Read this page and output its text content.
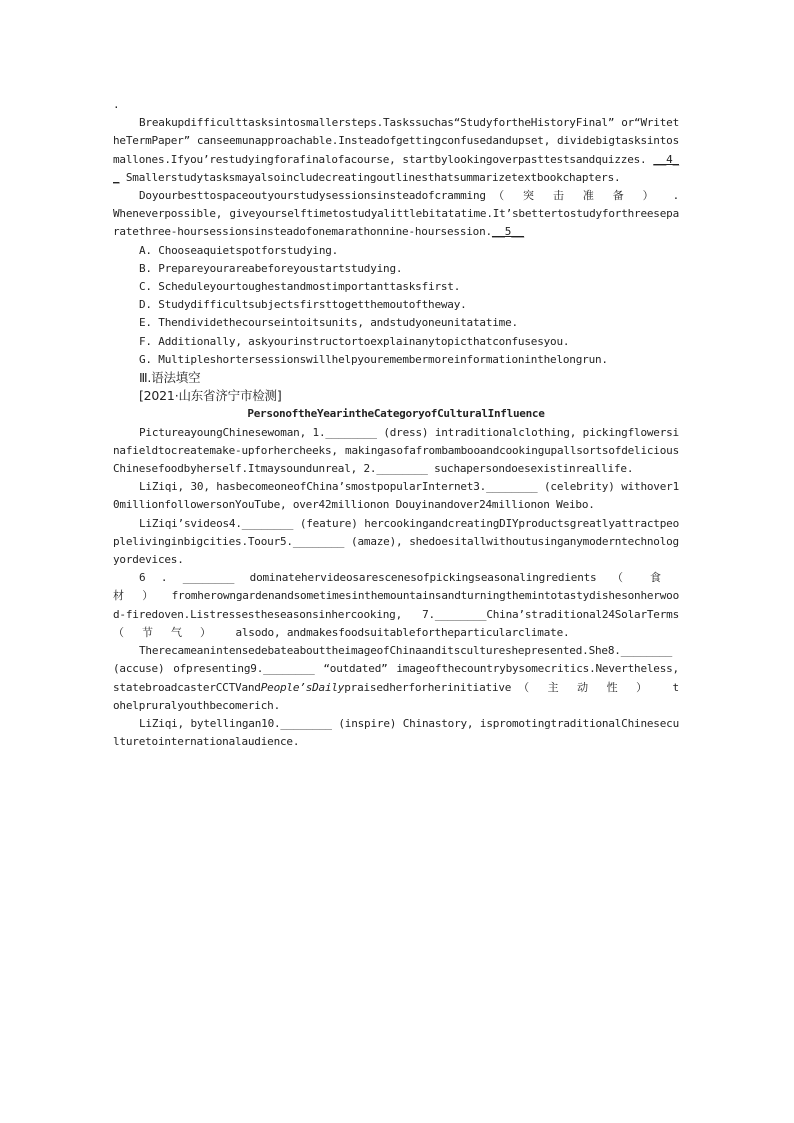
.

Breakupdifficulttasksintosmallersteps.Taskssuchas“StudyfortheHistoryFinal” or“WritetheTermPaper” canseemunapproachable.Insteadofgettingconfusedandupset, dividebigtasksintosmallones.Ifyou’restudyingforafinalofacourse, startbylookingoverpasttestsandquizzes. __4__ Smallerstudytasksmayalsoincludecreatingoutlinesthatsummarizetextbookchapters.

Doyourbesttospaceoutyourstudysessionsinsteadofcramming （突击准备）.Wheneverpossible, giveyourselftimetostudyalittlebitatatime.It’sbettertostudyforthreeseparatethree-hoursessionsinsteadofonemarathonnine-hoursession.__5__

A. Chooseaquietspotforstudying.

B. Prepareyourareabeforeyoustartstudying.

C. Scheduleyourtoughestandmostimportanttasksfirst.

D. Studydifficultsubjectsfirsttogetthemoutoftheway.

E. Thendividethecourseintoitsunits, andstudyoneunitatatime.

F. Additionally, askyourinstructortoexplainanytopicthatconfusesyou.

G. Multipleshortersessionswillhelpyouremembermoreinformationinthelongrun.

Ⅲ.语法填空

[2021·山东省济宁市检测]

PersonoftheYearintheCategoryofCulturalInfluence

PictureayoungChinesewoman, 1.________ (dress) intraditionalclothing, pickingflowersinafieldtocreatemake-upforhercheeks, makingasofafrombambooandcookingupallsortsofdeliciousChinesefoodbyherself.Itmaysoundunreal, 2.________ suchapersondoesexistinreallife.

LiZiqi, 30, hasbecomeoneofChina’smostpopularInternet3.________ (celebrity) withover10millionfollowersonYouTube, over42millionon Douyinandover24millionon Weibo.

LiZiqi’svideos4.________ (feature) hercookingandcreatingDIYproductsgreatlyattractpeoplelivinginbigcities.Toour5.________ (amaze), shedoesitallwithoutusinganymoderntechnologyordevices.

6 . ________ dominatehervideosarescenesofpickingseasonalingredients （食材）fromherowngardenandsometimesinthemountainsandturningthemintotastydishesonherwood-firedoven.Listressestheseasonsinhercooking, 7.________China’straditional24SolarTerms （节气） alsodo, andmakesfoodsuitablefortheparticularclimate.

TherecameanintensedebateabouttheimageofChinaanditscultureshepresented.She8.________ (accuse) ofpresenting9.________ “outdated” imageofthecountrybysomecritics.Nevertheless, statebroadcasterCCTVandPeople’sDailypraisedherforherinitiative （主动性） tohelpruralyouthbecomerich.

LiZiqi, bytellingan10.________ (inspire) Chinastory, ispromotingtraditionalChineseculturetointernationalaudience.
